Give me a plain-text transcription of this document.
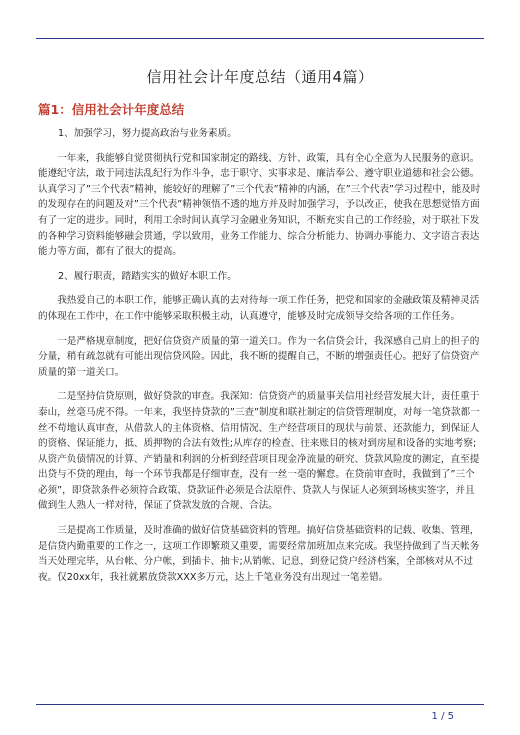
信用社会计年度总结（通用4篇）
篇1：信用社会计年度总结

1、加强学习，努力提高政治与业务素质。

一年来，我能够自觉贯彻执行党和国家制定的路线、方针、政策，具有全心全意为人民服务的意识。能遵纪守法，敢于同违法乱纪行为作斗争，忠于职守、实事求是、廉洁奉公、遵守职业道德和社会公德。认真学习了”三个代表”精神，能较好的理解了”三个代表”精神的内涵，在”三个代表”学习过程中，能及时的发现存在的问题及对”三个代表”精神领悟不透的地方并及时加强学习，予以改正，使我在思想觉悟方面有了一定的进步。同时，利用工余时间认真学习金融业务知识，不断充实自己的工作经验，对于联社下发的各种学习资料能够融会贯通，学以致用，业务工作能力、综合分析能力、协调办事能力、文字语言表达能力等方面，都有了很大的提高。

2、履行职责，踏踏实实的做好本职工作。

我热爱自己的本职工作，能够正确认真的去对待每一项工作任务，把党和国家的金融政策及精神灵活的体现在工作中，在工作中能够采取积极主动，认真遵守，能够及时完成领导交给各项的工作任务。

一是严格规章制度，把好信贷资产质量的第一道关口。作为一名信贷会计，我深感自己肩上的担子的分量，稍有疏忽就有可能出现信贷风险。因此，我不断的提醒自己，不断的增强责任心。把好了信贷资产质量的第一道关口。

二是坚持信贷原则，做好贷款的审查。我深知：信贷资产的质量事关信用社经营发展大计，责任重于泰山，丝毫马虎不得。一年来，我坚持贷款的”三查”制度和联社制定的信贷管理制度，对每一笔贷款都一丝不苟地认真审查，从借款人的主体资格、信用情况、生产经营项目的现状与前景、还款能力，到保证人的资格、保证能力，抵、质押物的合法有效性;从库存的检查、往来账目的核对到房屋和设备的实地考察;从资产负债情况的计算、产销量和利润的分析到经营项目现金净流量的研究、贷款风险度的测定，直至提出贷与不贷的理由，每一个环节我都是仔细审查，没有一丝一毫的懈怠。在贷前审查时，我做到了”三个必须”，即贷款条件必须符合政策、贷款证件必须是合法原件、贷款人与保证人必须到场核实签字，并且做到生人熟人一样对待，保证了贷款发放的合规、合法。

三是提高工作质量，及时准确的做好信贷基础资料的管理。搞好信贷基础资料的记载、收集、管理，是信贷内勤重要的工作之一，这项工作即繁琐又重要，需要经常加班加点来完成。我坚持做到了当天帐务当天处理完毕，从台帐、分户帐，到插卡、抽卡;从销帐、记息，到登记贷户经济档案，全部核对从不过夜。仅20xx年，我社就累放贷款XXX多万元，达上千笔业务没有出现过一笔差错。

1 / 5
